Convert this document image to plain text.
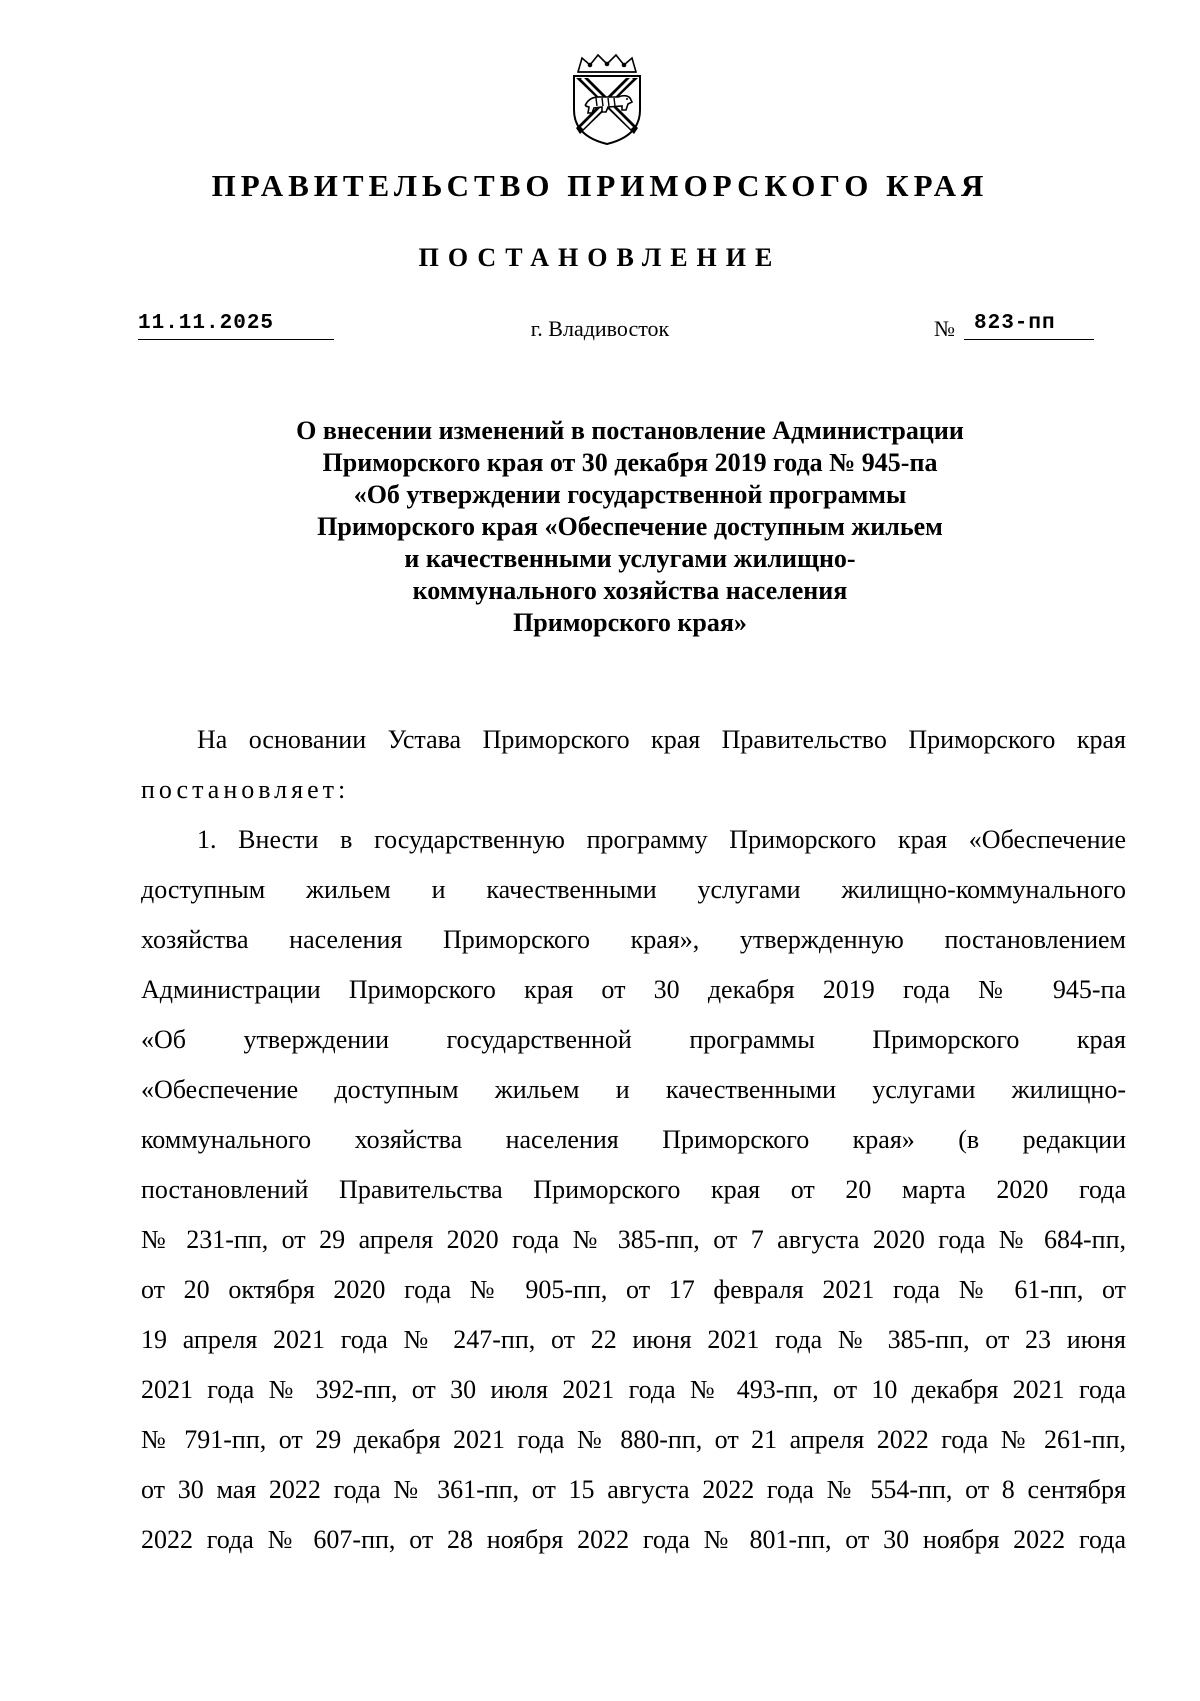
ПРАВИТЕЛЬСТВО ПРИМОРСКОГО КРАЯ
ПОСТАНОВЛЕНИЕ
11.11.2025	г. Владивосток	№ 823-пп
О внесении изменений в постановление Администрации
Приморского края от 30 декабря 2019 года № 945-па
«Об утверждении государственной программы
Приморского края «Обеспечение доступным жильем
и качественными услугами жилищно-
коммунального хозяйства населения
Приморского края»

На основании Устава Приморского края Правительство Приморского края постановляет:

1. Внести в государственную программу Приморского края «Обеспечение
доступным жильем и качественными услугами жилищно-коммунального
хозяйства населения Приморского края», утвержденную постановлением
Администрации Приморского края от 30 декабря 2019 года № 945-па
«Об утверждении государственной программы Приморского края
«Обеспечение доступным жильем и качественными услугами жилищно-
коммунального хозяйства населения Приморского края» (в редакции
постановлений Правительства Приморского края от 20 марта 2020 года
№ 231-пп, от 29 апреля 2020 года № 385-пп, от 7 августа 2020 года № 684-пп,
от 20 октября 2020 года № 905-пп, от 17 февраля 2021 года № 61-пп, от
19 апреля 2021 года № 247-пп, от 22 июня 2021 года № 385-пп, от 23 июня
2021 года № 392-пп, от 30 июля 2021 года № 493-пп, от 10 декабря 2021 года
№ 791-пп, от 29 декабря 2021 года № 880-пп, от 21 апреля 2022 года № 261-пп,
от 30 мая 2022 года № 361-пп, от 15 августа 2022 года № 554-пп, от 8 сентября
2022 года № 607-пп, от 28 ноября 2022 года № 801-пп, от 30 ноября 2022 года
